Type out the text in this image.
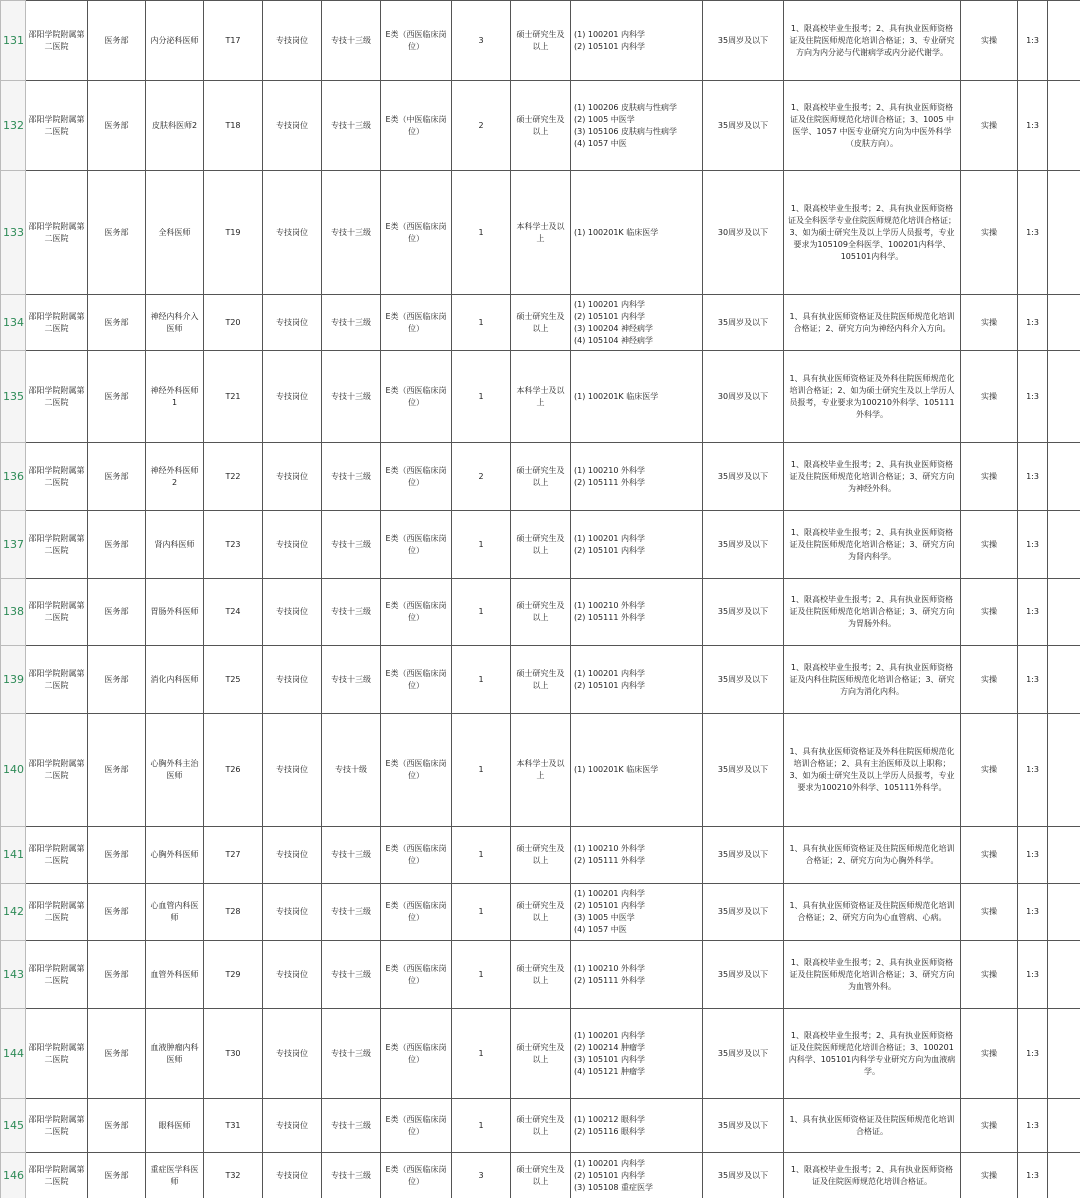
131	邵阳学院附属第二医院	医务部	内分泌科医师	T17	专技岗位	专技十三级	E类（西医临床岗位）	3	硕士研究生及以上	(1) 100201 内科学
(2) 105101 内科学	35周岁及以下	1、限高校毕业生报考；2、具有执业医师资格证及住院医师规范化培训合格证；3、专业研究方向为内分泌与代谢病学或内分泌代谢学。	实操	1:3	
132	邵阳学院附属第二医院	医务部	皮肤科医师2	T18	专技岗位	专技十三级	E类（中医临床岗位）	2	硕士研究生及以上	(1) 100206 皮肤病与性病学
(2) 1005 中医学
(3) 105106 皮肤病与性病学
(4) 1057 中医	35周岁及以下	1、限高校毕业生报考；2、具有执业医师资格证及住院医师规范化培训合格证；3、1005 中医学、1057 中医专业研究方向为中医外科学（皮肤方向）。	实操	1:3	
133	邵阳学院附属第二医院	医务部	全科医师	T19	专技岗位	专技十三级	E类（西医临床岗位）	1	本科学士及以上	(1) 100201K 临床医学	30周岁及以下	1、限高校毕业生报考；2、具有执业医师资格证及全科医学专业住院医师规范化培训合格证；3、如为硕士研究生及以上学历人员报考，专业要求为105109全科医学、100201内科学、105101内科学。	实操	1:3	
134	邵阳学院附属第二医院	医务部	神经内科介入医师	T20	专技岗位	专技十三级	E类（西医临床岗位）	1	硕士研究生及以上	(1) 100201 内科学
(2) 105101 内科学
(3) 100204 神经病学
(4) 105104 神经病学	35周岁及以下	1、具有执业医师资格证及住院医师规范化培训合格证；2、研究方向为神经内科介入方向。	实操	1:3	
135	邵阳学院附属第二医院	医务部	神经外科医师1	T21	专技岗位	专技十三级	E类（西医临床岗位）	1	本科学士及以上	(1) 100201K 临床医学	30周岁及以下	1、具有执业医师资格证及外科住院医师规范化培训合格证；2、如为硕士研究生及以上学历人员报考，专业要求为100210外科学、105111外科学。	实操	1:3	
136	邵阳学院附属第二医院	医务部	神经外科医师2	T22	专技岗位	专技十三级	E类（西医临床岗位）	2	硕士研究生及以上	(1) 100210 外科学
(2) 105111 外科学	35周岁及以下	1、限高校毕业生报考；2、具有执业医师资格证及住院医师规范化培训合格证；3、研究方向为神经外科。	实操	1:3	
137	邵阳学院附属第二医院	医务部	肾内科医师	T23	专技岗位	专技十三级	E类（西医临床岗位）	1	硕士研究生及以上	(1) 100201 内科学
(2) 105101 内科学	35周岁及以下	1、限高校毕业生报考；2、具有执业医师资格证及住院医师规范化培训合格证；3、研究方向为肾内科学。	实操	1:3	
138	邵阳学院附属第二医院	医务部	胃肠外科医师	T24	专技岗位	专技十三级	E类（西医临床岗位）	1	硕士研究生及以上	(1) 100210 外科学
(2) 105111 外科学	35周岁及以下	1、限高校毕业生报考；2、具有执业医师资格证及住院医师规范化培训合格证；3、研究方向为胃肠外科。	实操	1:3	
139	邵阳学院附属第二医院	医务部	消化内科医师	T25	专技岗位	专技十三级	E类（西医临床岗位）	1	硕士研究生及以上	(1) 100201 内科学
(2) 105101 内科学	35周岁及以下	1、限高校毕业生报考；2、具有执业医师资格证及内科住院医师规范化培训合格证；3、研究方向为消化内科。	实操	1:3	
140	邵阳学院附属第二医院	医务部	心胸外科主治医师	T26	专技岗位	专技十级	E类（西医临床岗位）	1	本科学士及以上	(1) 100201K 临床医学	35周岁及以下	1、具有执业医师资格证及外科住院医师规范化培训合格证；2、具有主治医师及以上职称；3、如为硕士研究生及以上学历人员报考，专业要求为100210外科学、105111外科学。	实操	1:3	
141	邵阳学院附属第二医院	医务部	心胸外科医师	T27	专技岗位	专技十三级	E类（西医临床岗位）	1	硕士研究生及以上	(1) 100210 外科学
(2) 105111 外科学	35周岁及以下	1、具有执业医师资格证及住院医师规范化培训合格证；2、研究方向为心胸外科学。	实操	1:3	
142	邵阳学院附属第二医院	医务部	心血管内科医师	T28	专技岗位	专技十三级	E类（西医临床岗位）	1	硕士研究生及以上	(1) 100201 内科学
(2) 105101 内科学
(3) 1005 中医学
(4) 1057 中医	35周岁及以下	1、具有执业医师资格证及住院医师规范化培训合格证；2、研究方向为心血管病、心病。	实操	1:3	
143	邵阳学院附属第二医院	医务部	血管外科医师	T29	专技岗位	专技十三级	E类（西医临床岗位）	1	硕士研究生及以上	(1) 100210 外科学
(2) 105111 外科学	35周岁及以下	1、限高校毕业生报考；2、具有执业医师资格证及住院医师规范化培训合格证；3、研究方向为血管外科。	实操	1:3	
144	邵阳学院附属第二医院	医务部	血液肿瘤内科医师	T30	专技岗位	专技十三级	E类（西医临床岗位）	1	硕士研究生及以上	(1) 100201 内科学
(2) 100214 肿瘤学
(3) 105101 内科学
(4) 105121 肿瘤学	35周岁及以下	1、限高校毕业生报考；2、具有执业医师资格证及住院医师规范化培训合格证；3、100201内科学、105101内科学专业研究方向为血液病学。	实操	1:3	
145	邵阳学院附属第二医院	医务部	眼科医师	T31	专技岗位	专技十三级	E类（西医临床岗位）	1	硕士研究生及以上	(1) 100212 眼科学
(2) 105116 眼科学	35周岁及以下	1、具有执业医师资格证及住院医师规范化培训合格证。	实操	1:3	
146	邵阳学院附属第二医院	医务部	重症医学科医师	T32	专技岗位	专技十三级	E类（西医临床岗位）	3	硕士研究生及以上	(1) 100201 内科学
(2) 105101 内科学
(3) 105108 重症医学	35周岁及以下	1、限高校毕业生报考；2、具有执业医师资格证及住院医师规范化培训合格证。	实操	1:3	
